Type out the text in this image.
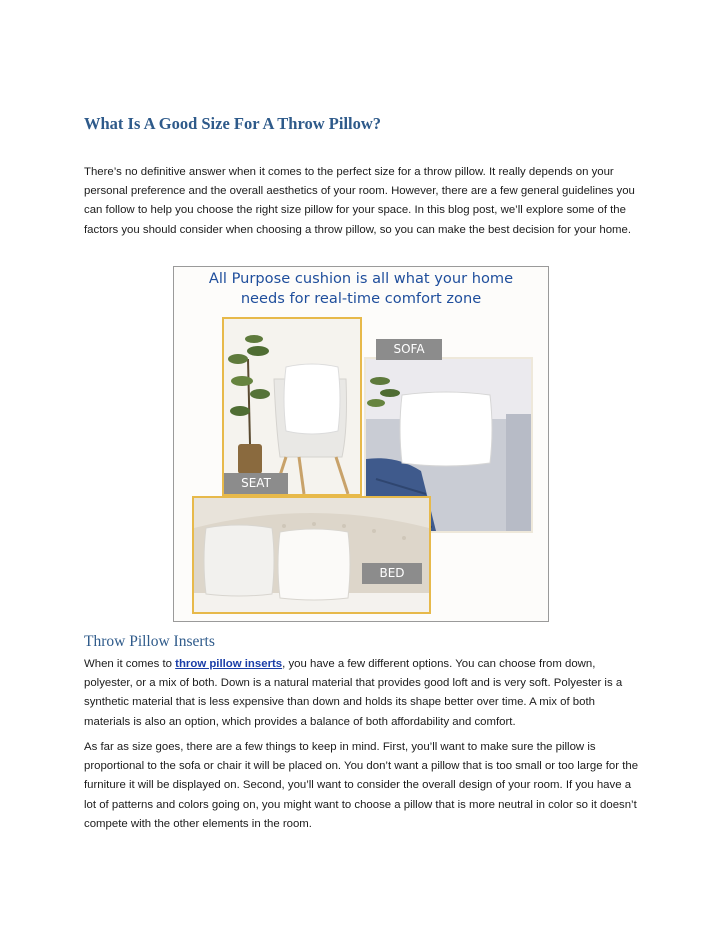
What Is A Good Size For A Throw Pillow?

There’s no definitive answer when it comes to the perfect size for a throw pillow. It really depends on your personal preference and the overall aesthetics of your room. However, there are a few general guidelines you can follow to help you choose the right size pillow for your space. In this blog post, we’ll explore some of the factors you should consider when choosing a throw pillow, so you can make the best decision for your home.

All Purpose cushion is all what your home
needs for real-time comfort zone
SEAT
SOFA
BED
Throw Pillow Inserts

When it comes to throw pillow inserts, you have a few different options. You can choose from down, polyester, or a mix of both. Down is a natural material that provides good loft and is very soft. Polyester is a synthetic material that is less expensive than down and holds its shape better over time. A mix of both materials is also an option, which provides a balance of both affordability and comfort.

As far as size goes, there are a few things to keep in mind. First, you’ll want to make sure the pillow is proportional to the sofa or chair it will be placed on. You don’t want a pillow that is too small or too large for the furniture it will be displayed on. Second, you’ll want to consider the overall design of your room. If you have a lot of patterns and colors going on, you might want to choose a pillow that is more neutral in color so it doesn’t compete with the other elements in the room.
